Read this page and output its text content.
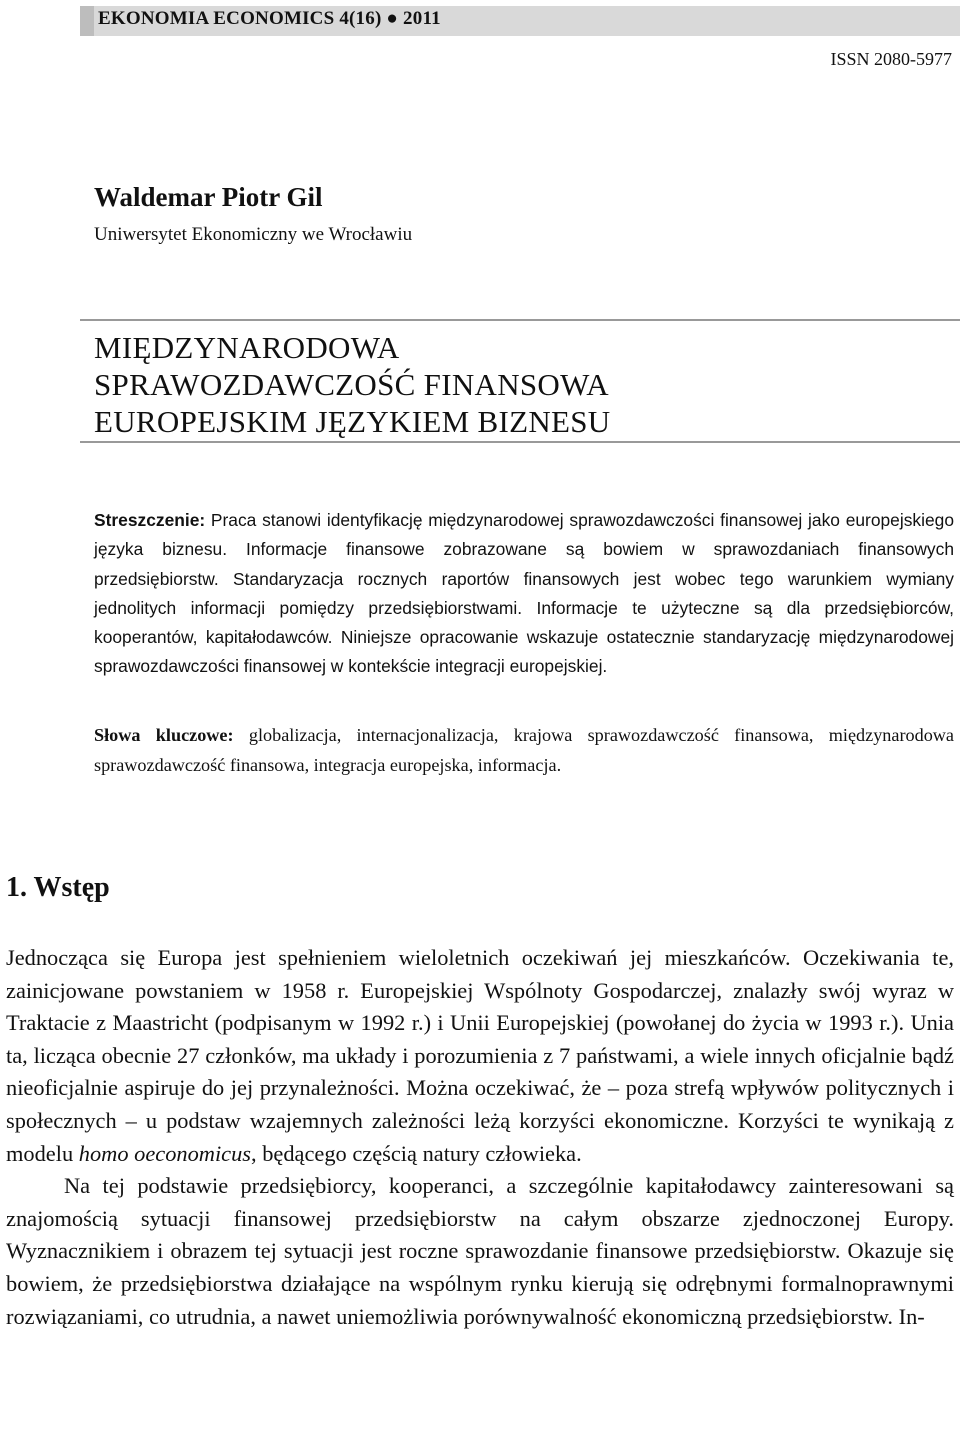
EKONOMIA ECONOMICS 4(16) ● 2011
ISSN 2080-5977
Waldemar Piotr Gil
Uniwersytet Ekonomiczny we Wrocławiu
MIĘDZYNARODOWA
SPRAWOZDAWCZOŚĆ FINANSOWA
EUROPEJSKIM JĘZYKIEM BIZNESU
Streszczenie: Praca stanowi identyfikację międzynarodowej sprawozdawczości finansowej jako europejskiego języka biznesu. Informacje finansowe zobrazowane są bowiem w sprawozdaniach finansowych przedsiębiorstw. Standaryzacja rocznych raportów finansowych jest wobec tego warunkiem wymiany jednolitych informacji pomiędzy przedsiębiorstwami. Informacje te użyteczne są dla przedsiębiorców, kooperantów, kapitałodawców. Niniejsze opracowanie wskazuje ostatecznie standaryzację międzynarodowej sprawozdawczości finansowej w kontekście integracji europejskiej.
Słowa kluczowe: globalizacja, internacjonalizacja, krajowa sprawozdawczość finansowa, międzynarodowa sprawozdawczość finansowa, integracja europejska, informacja.
1. Wstęp

Jednocząca się Europa jest spełnieniem wieloletnich oczekiwań jej mieszkańców. Oczekiwania te, zainicjowane powstaniem w 1958 r. Europejskiej Wspólnoty Gospodarczej, znalazły swój wyraz w Traktacie z Maastricht (podpisanym w 1992 r.) i Unii Europejskiej (powołanej do życia w 1993 r.). Unia ta, licząca obecnie 27 członków, ma układy i porozumienia z 7 państwami, a wiele innych oficjalnie bądź nieoficjalnie aspiruje do jej przynależności. Można oczekiwać, że – poza strefą wpływów politycznych i społecznych – u podstaw wzajemnych zależności leżą korzyści ekonomiczne. Korzyści te wynikają z modelu homo oeconomicus, będącego częścią natury człowieka.

Na tej podstawie przedsiębiorcy, kooperanci, a szczególnie kapitałodawcy zainteresowani są znajomością sytuacji finansowej przedsiębiorstw na całym obszarze zjednoczonej Europy. Wyznacznikiem i obrazem tej sytuacji jest roczne sprawozdanie finansowe przedsiębiorstw. Okazuje się bowiem, że przedsiębiorstwa działające na wspólnym rynku kierują się odrębnymi formalnoprawnymi rozwiązaniami, co utrudnia, a nawet uniemożliwia porównywalność ekonomiczną przedsiębiorstw. In-
